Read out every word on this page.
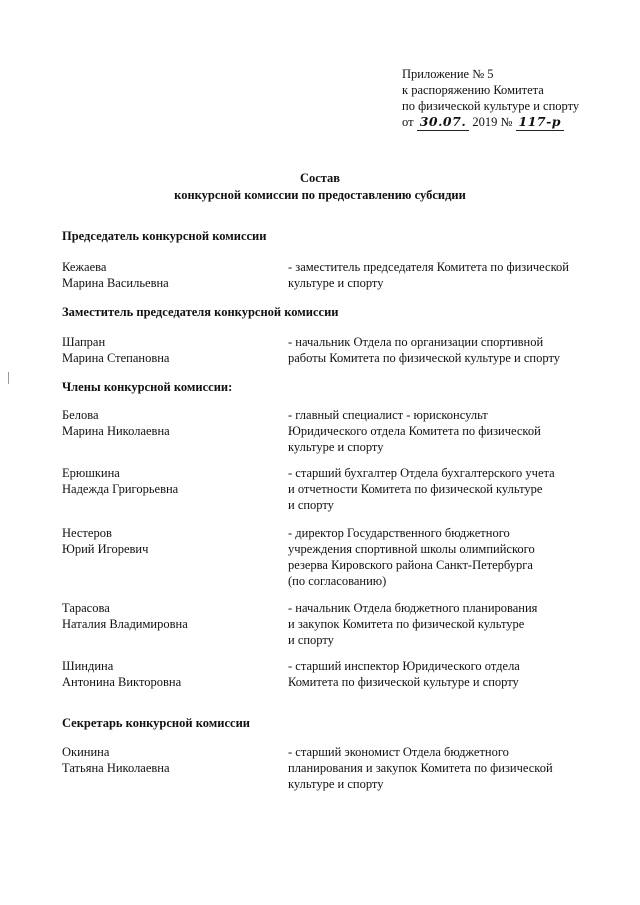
Приложение № 5
к распоряжению Комитета
по физической культуре и спорту
от 30.07. 2019 № 117-р
Состав
конкурсной комиссии по предоставлению субсидии
Председатель конкурсной комиссии
Кежаева
Марина Васильевна
- заместитель председателя Комитета по физической
культуре и спорту
Заместитель председателя конкурсной комиссии
Шапран
Марина Степановна
- начальник Отдела по организации спортивной
работы Комитета по физической культуре и спорту
Члены конкурсной комиссии:
Белова
Марина Николаевна
- главный специалист - юрисконсульт
Юридического отдела Комитета по физической
культуре и спорту
Ерюшкина
Надежда Григорьевна
- старший бухгалтер Отдела бухгалтерского учета
и отчетности Комитета по физической культуре
и спорту
Нестеров
Юрий Игоревич
- директор Государственного бюджетного
учреждения спортивной школы олимпийского
резерва Кировского района Санкт-Петербурга
(по согласованию)
Тарасова
Наталия Владимировна
- начальник Отдела бюджетного планирования
и закупок Комитета по физической культуре
и спорту
Шиндина
Антонина Викторовна
- старший инспектор Юридического отдела
Комитета по физической культуре и спорту
Секретарь конкурсной комиссии
Окинина
Татьяна Николаевна
- старший экономист Отдела бюджетного
планирования и закупок Комитета по физической
культуре и спорту
